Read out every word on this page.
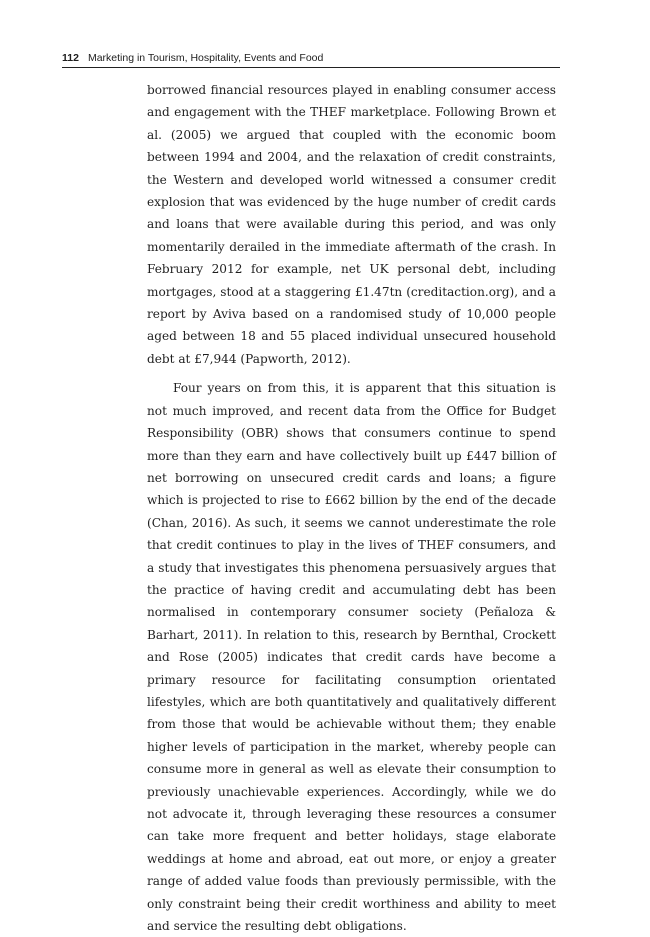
112 Marketing in Tourism, Hospitality, Events and Food

borrowed financial resources played in enabling consumer access and engagement with the THEF marketplace. Following Brown et al. (2005) we argued that coupled with the economic boom between 1994 and 2004, and the relaxation of credit constraints, the Western and developed world witnessed a consumer credit explosion that was evidenced by the huge number of credit cards and loans that were available during this period, and was only momentarily derailed in the immediate aftermath of the crash. In February 2012 for example, net UK personal debt, including mortgages, stood at a staggering £1.47tn (creditaction.org), and a report by Aviva based on a randomised study of 10,000 people aged between 18 and 55 placed individual unsecured household debt at £7,944 (Papworth, 2012).

Four years on from this, it is apparent that this situation is not much improved, and recent data from the Office for Budget Responsibility (OBR) shows that consumers continue to spend more than they earn and have collectively built up £447 billion of net borrowing on unsecured credit cards and loans; a figure which is projected to rise to £662 billion by the end of the decade (Chan, 2016). As such, it seems we cannot underestimate the role that credit continues to play in the lives of THEF consumers, and a study that investigates this phenomena persuasively argues that the practice of having credit and accumulating debt has been normalised in contemporary consumer society (Peñaloza & Barhart, 2011). In relation to this, research by Bernthal, Crockett and Rose (2005) indicates that credit cards have become a primary resource for facilitating consumption orientated lifestyles, which are both quantitatively and qualitatively different from those that would be achievable without them; they enable higher levels of participation in the market, whereby people can consume more in general as well as elevate their consumption to previously unachievable experiences. Accordingly, while we do not advocate it, through leveraging these resources a consumer can take more frequent and better holidays, stage elaborate weddings at home and abroad, eat out more, or enjoy a greater range of added value foods than previously permissible, with the only constraint being their credit worthiness and ability to meet and service the resulting debt obligations.
